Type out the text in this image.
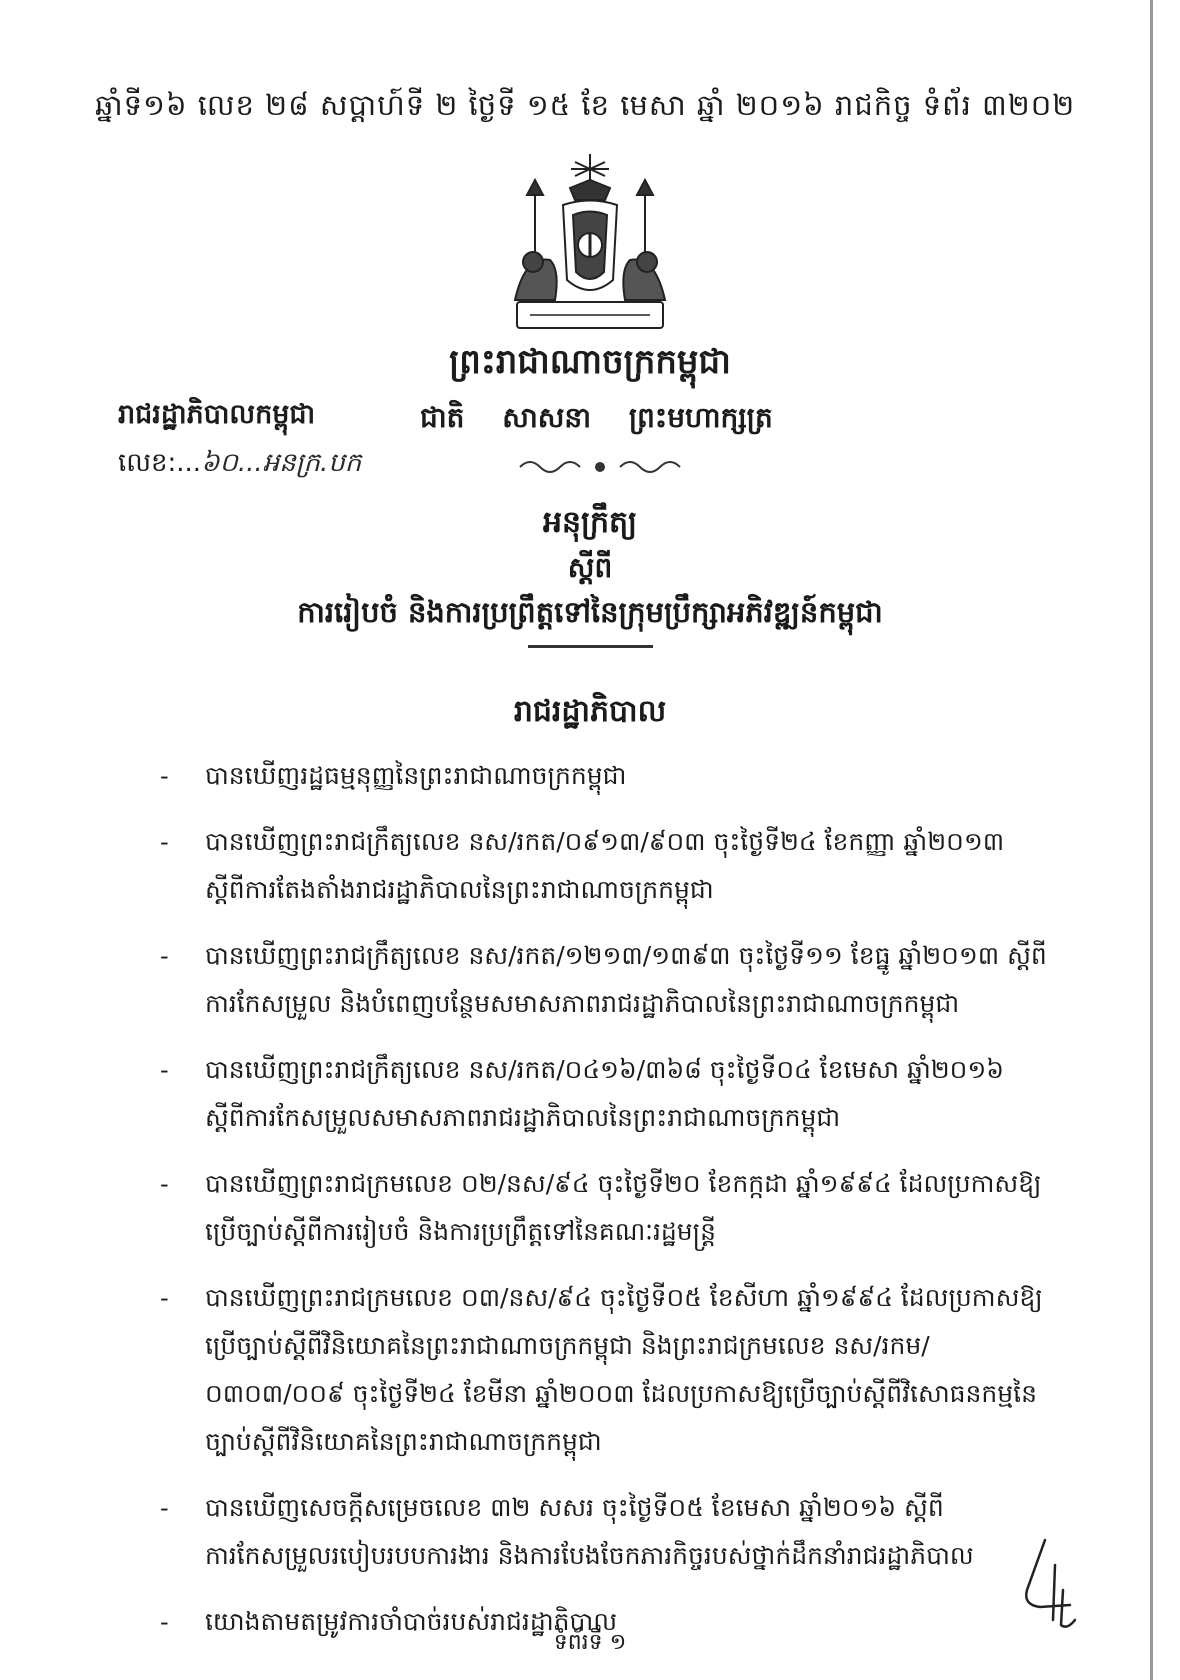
ឆ្នាំទី១៦ លេខ ២៨ សប្តាហ៍ទី ២ ថ្ងៃទី ១៥ ខែ មេសា ឆ្នាំ ២០១៦ រាជកិច្ច ទំព័រ ៣២០២
ព្រះរាជាណាចក្រកម្ពុជា
ជាតិ សាសនា ព្រះមហាក្សត្រ
រាជរដ្ឋាភិបាលកម្ពុជា
លេខ:...៦០...អនក្រ.បក
អនុក្រឹត្យ
ស្តីពី
ការរៀបចំ និងការប្រព្រឹត្តទៅនៃក្រុមប្រឹក្សាអភិវឌ្ឍន៍កម្ពុជា
រាជរដ្ឋាភិបាល
- បានឃើញរដ្ឋធម្មនុញ្ញនៃព្រះរាជាណាចក្រកម្ពុជា
- បានឃើញព្រះរាជក្រឹត្យលេខ នស/រកត/០៩១៣/៩០៣ ចុះថ្ងៃទី២៤ ខែកញ្ញា ឆ្នាំ២០១៣ ស្តីពីការតែងតាំងរាជរដ្ឋាភិបាលនៃព្រះរាជាណាចក្រកម្ពុជា
- បានឃើញព្រះរាជក្រឹត្យលេខ នស/រកត/១២១៣/១៣៩៣ ចុះថ្ងៃទី១១ ខែធ្នូ ឆ្នាំ២០១៣ ស្តីពីការកែសម្រួល និងបំពេញបន្ថែមសមាសភាពរាជរដ្ឋាភិបាលនៃព្រះរាជាណាចក្រកម្ពុជា
- បានឃើញព្រះរាជក្រឹត្យលេខ នស/រកត/០៤១៦/៣៦៨ ចុះថ្ងៃទី០៤ ខែមេសា ឆ្នាំ២០១៦ ស្តីពីការកែសម្រួលសមាសភាពរាជរដ្ឋាភិបាលនៃព្រះរាជាណាចក្រកម្ពុជា
- បានឃើញព្រះរាជក្រមលេខ ០២/នស/៩៤ ចុះថ្ងៃទី២០ ខែកក្កដា ឆ្នាំ១៩៩៤ ដែលប្រកាសឱ្យប្រើច្បាប់ស្តីពីការរៀបចំ និងការប្រព្រឹត្តទៅនៃគណៈរដ្ឋមន្ត្រី
- បានឃើញព្រះរាជក្រមលេខ ០៣/នស/៩៤ ចុះថ្ងៃទី០៥ ខែសីហា ឆ្នាំ១៩៩៤ ដែលប្រកាសឱ្យប្រើច្បាប់ស្តីពីវិនិយោគនៃព្រះរាជាណាចក្រកម្ពុជា និងព្រះរាជក្រមលេខ នស/រកម/០៣០៣/០០៩ ចុះថ្ងៃទី២៤ ខែមីនា ឆ្នាំ២០០៣ ដែលប្រកាសឱ្យប្រើច្បាប់ស្តីពីវិសោធនកម្មនៃច្បាប់ស្តីពីវិនិយោគនៃព្រះរាជាណាចក្រកម្ពុជា
- បានឃើញសេចក្តីសម្រេចលេខ ៣២ សសរ ចុះថ្ងៃទី០៥ ខែមេសា ឆ្នាំ២០១៦ ស្តីពីការកែសម្រួលរបៀបរបបការងារ និងការបែងចែកភារកិច្ចរបស់ថ្នាក់ដឹកនាំរាជរដ្ឋាភិបាល
- យោងតាមតម្រូវការចាំបាច់របស់រាជរដ្ឋាភិបាល
ទំព័រទី ១
